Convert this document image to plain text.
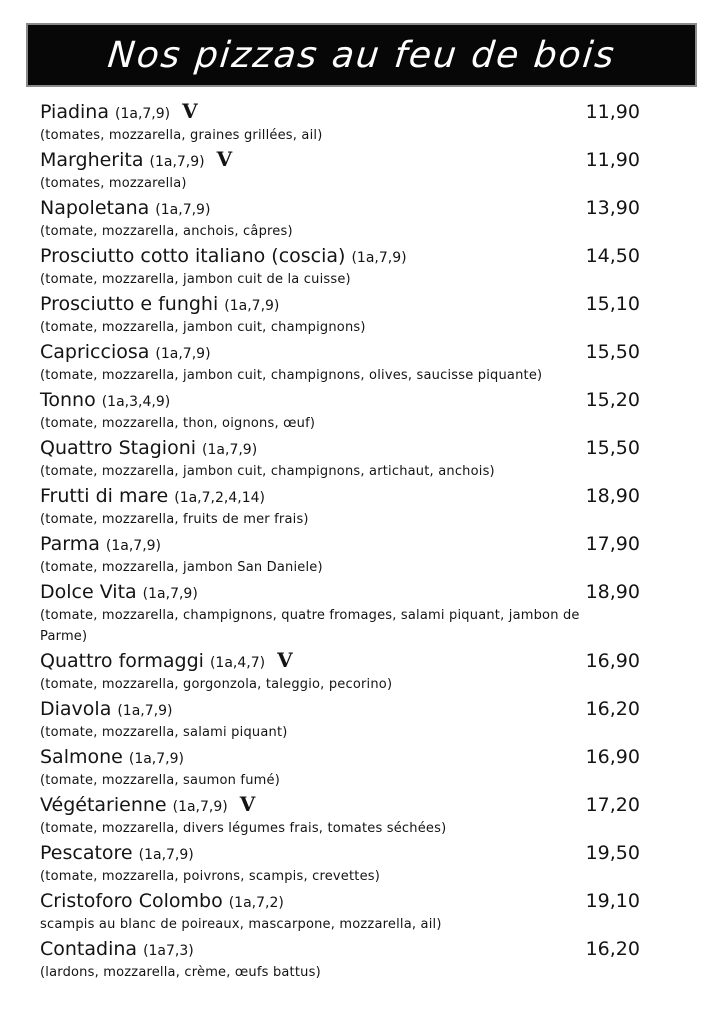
Nos pizzas au feu de bois
Piadina (1a,7,9) V	11,90
(tomates, mozzarella, graines grillées, ail)
Margherita (1a,7,9) V	11,90
(tomates, mozzarella)
Napoletana (1a,7,9)	13,90
(tomate, mozzarella, anchois, câpres)
Prosciutto cotto italiano (coscia) (1a,7,9)	14,50
(tomate, mozzarella, jambon cuit de la cuisse)
Prosciutto e funghi (1a,7,9)	15,10
(tomate, mozzarella, jambon cuit, champignons)
Capricciosa (1a,7,9)	15,50
(tomate, mozzarella, jambon cuit, champignons, olives, saucisse piquante)
Tonno (1a,3,4,9)	15,20
(tomate, mozzarella, thon, oignons, œuf)
Quattro Stagioni (1a,7,9)	15,50
(tomate, mozzarella, jambon cuit, champignons, artichaut, anchois)
Frutti di mare (1a,7,2,4,14)	18,90
(tomate, mozzarella, fruits de mer frais)
Parma (1a,7,9)	17,90
(tomate, mozzarella, jambon San Daniele)
Dolce Vita (1a,7,9)	18,90
(tomate, mozzarella, champignons, quatre fromages, salami piquant, jambon de Parme)
Quattro formaggi (1a,4,7) V	16,90
(tomate, mozzarella, gorgonzola, taleggio, pecorino)
Diavola (1a,7,9)	16,20
(tomate, mozzarella, salami piquant)
Salmone (1a,7,9)	16,90
(tomate, mozzarella, saumon fumé)
Végétarienne (1a,7,9) V	17,20
(tomate, mozzarella, divers légumes frais, tomates séchées)
Pescatore (1a,7,9)	19,50
(tomate, mozzarella, poivrons, scampis, crevettes)
Cristoforo Colombo (1a,7,2)	19,10
scampis au blanc de poireaux, mascarpone, mozzarella, ail)
Contadina (1a7,3)	16,20
(lardons, mozzarella, crème, œufs battus)
